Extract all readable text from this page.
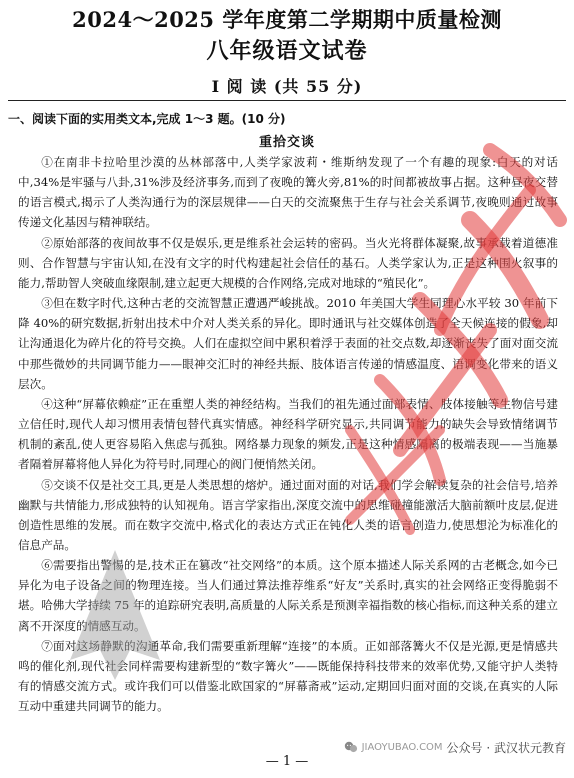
2024～2025 学年度第二学期期中质量检测
八年级语文试卷
Ⅰ 阅 读 (共 55 分)
一、阅读下面的实用类文本,完成 1～3 题。(10 分)
重拾交谈

①在南非卡拉哈里沙漠的丛林部落中,人类学家波莉・维斯纳发现了一个有趣的现象:白天的对话中,34%是牢骚与八卦,31%涉及经济事务,而到了夜晚的篝火旁,81%的时间都被故事占据。这种昼夜交替的语言模式,揭示了人类沟通行为的深层规律——白天的交流聚焦于生存与社会关系调节,夜晚则通过故事传递文化基因与精神联结。

②原始部落的夜间故事不仅是娱乐,更是维系社会运转的密码。当火光将群体凝聚,故事承载着道德准则、合作智慧与宇宙认知,在没有文字的时代构建起社会信任的基石。人类学家认为,正是这种围火叙事的能力,帮助智人突破血缘限制,建立起更大规模的合作网络,完成对地球的“殖民化”。

③但在数字时代,这种古老的交流智慧正遭遇严峻挑战。2010 年美国大学生同理心水平较 30 年前下降 40%的研究数据,折射出技术中介对人类关系的异化。即时通讯与社交媒体创造了全天候连接的假象,却让沟通退化为碎片化的符号交换。人们在虚拟空间中累积着浮于表面的社交点数,却逐渐丧失了面对面交流中那些微妙的共同调节能力——眼神交汇时的神经共振、肢体语言传递的情感温度、语调变化带来的语义层次。

④这种“屏幕依赖症”正在重塑人类的神经结构。当我们的祖先通过面部表情、肢体接触等生物信号建立信任时,现代人却习惯用表情包替代真实情感。神经科学研究显示,共同调节能力的缺失会导致情绪调节机制的紊乱,使人更容易陷入焦虑与孤独。网络暴力现象的频发,正是这种情感隔离的极端表现——当施暴者隔着屏幕将他人异化为符号时,同理心的阀门便悄然关闭。

⑤交谈不仅是社交工具,更是人类思想的熔炉。通过面对面的对话,我们学会解读复杂的社会信号,培养幽默与共情能力,形成独特的认知视角。语言学家指出,深度交流中的思维碰撞能激活大脑前额叶皮层,促进创造性思维的发展。而在数字交流中,格式化的表达方式正在钝化人类的语言创造力,使思想沦为标准化的信息产品。

⑥需要指出警惕的是,技术正在篡改“社交网络”的本质。这个原本描述人际关系网的古老概念,如今已异化为电子设备之间的物理连接。当人们通过算法推荐维系“好友”关系时,真实的社会网络正变得脆弱不堪。哈佛大学持续 75 年的追踪研究表明,高质量的人际关系是预测幸福指数的核心指标,而这种关系的建立离不开深度的情感互动。

⑦面对这场静默的沟通革命,我们需要重新理解“连接”的本质。正如部落篝火不仅是光源,更是情感共鸣的催化剂,现代社会同样需要构建新型的“数字篝火”——既能保持科技带来的效率优势,又能守护人类特有的情感交流方式。或许我们可以借鉴北欧国家的“屏幕斋戒”运动,定期回归面对面的交谈,在真实的人际互动中重建共同调节的能力。

JIAOYUBAO.COM 公众号 · 武汉状元教育
— 1 —
